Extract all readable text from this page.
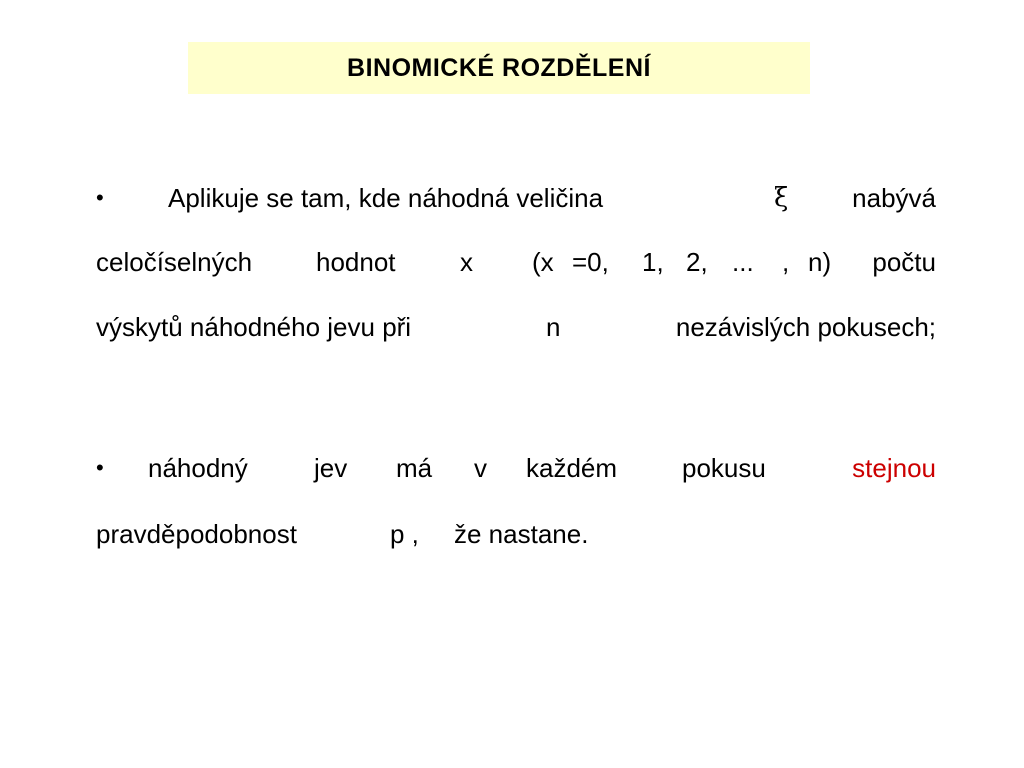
BINOMICKÉ ROZDĚLENÍ
• Aplikuje se tam, kde náhodná veličina	ξ nabývá
celočíselných hodnot x (x =0, 1, 2, ... , n) počtu
výskytů náhodného jevu při	n	nezávislých pokusech;
• náhodný	jev má v každém pokusu	stejnou
pravděpodobnost	p , že nastane.
